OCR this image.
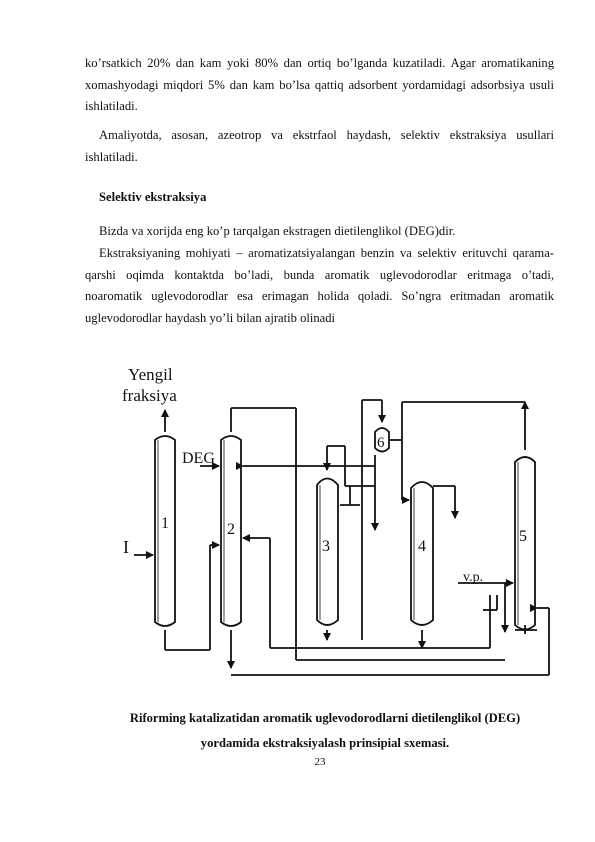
ko’rsatkich 20% dan kam yoki 80% dan ortiq bo’lganda kuzatiladi. Agar aromatikaning xomashyodagi miqdori 5% dan kam bo’lsa qattiq adsorbent yordamidagi adsorbsiya usuli ishlatiladi.

Amaliyotda, asosan, azeotrop va ekstrfaol haydash, selektiv ekstraksiya usullari ishlatiladi.

Selektiv ekstraksiya

Bizda va xorijda eng ko’p tarqalgan ekstragen dietilenglikol (DEG)dir.

Ekstraksiyaning mohiyati – aromatizatsiyalangan benzin va selektiv erituvchi qarama-qarshi oqimda kontaktda bo’ladi, bunda aromatik uglevodorodlar eritmaga o’tadi, noaromatik uglevodorodlar esa erimagan holida qoladi. So’ngra eritmadan aromatik uglevodorodlar haydash yo’li bilan ajratib olinadi

Yengil
fraksiya
DEG
I
1	2
3	4
5
6
v.p.

Riforming katalizatidan aromatik uglevodorodlarni dietilenglikol (DEG)

yordamida ekstraksiyalash prinsipial sxemasi.

23
